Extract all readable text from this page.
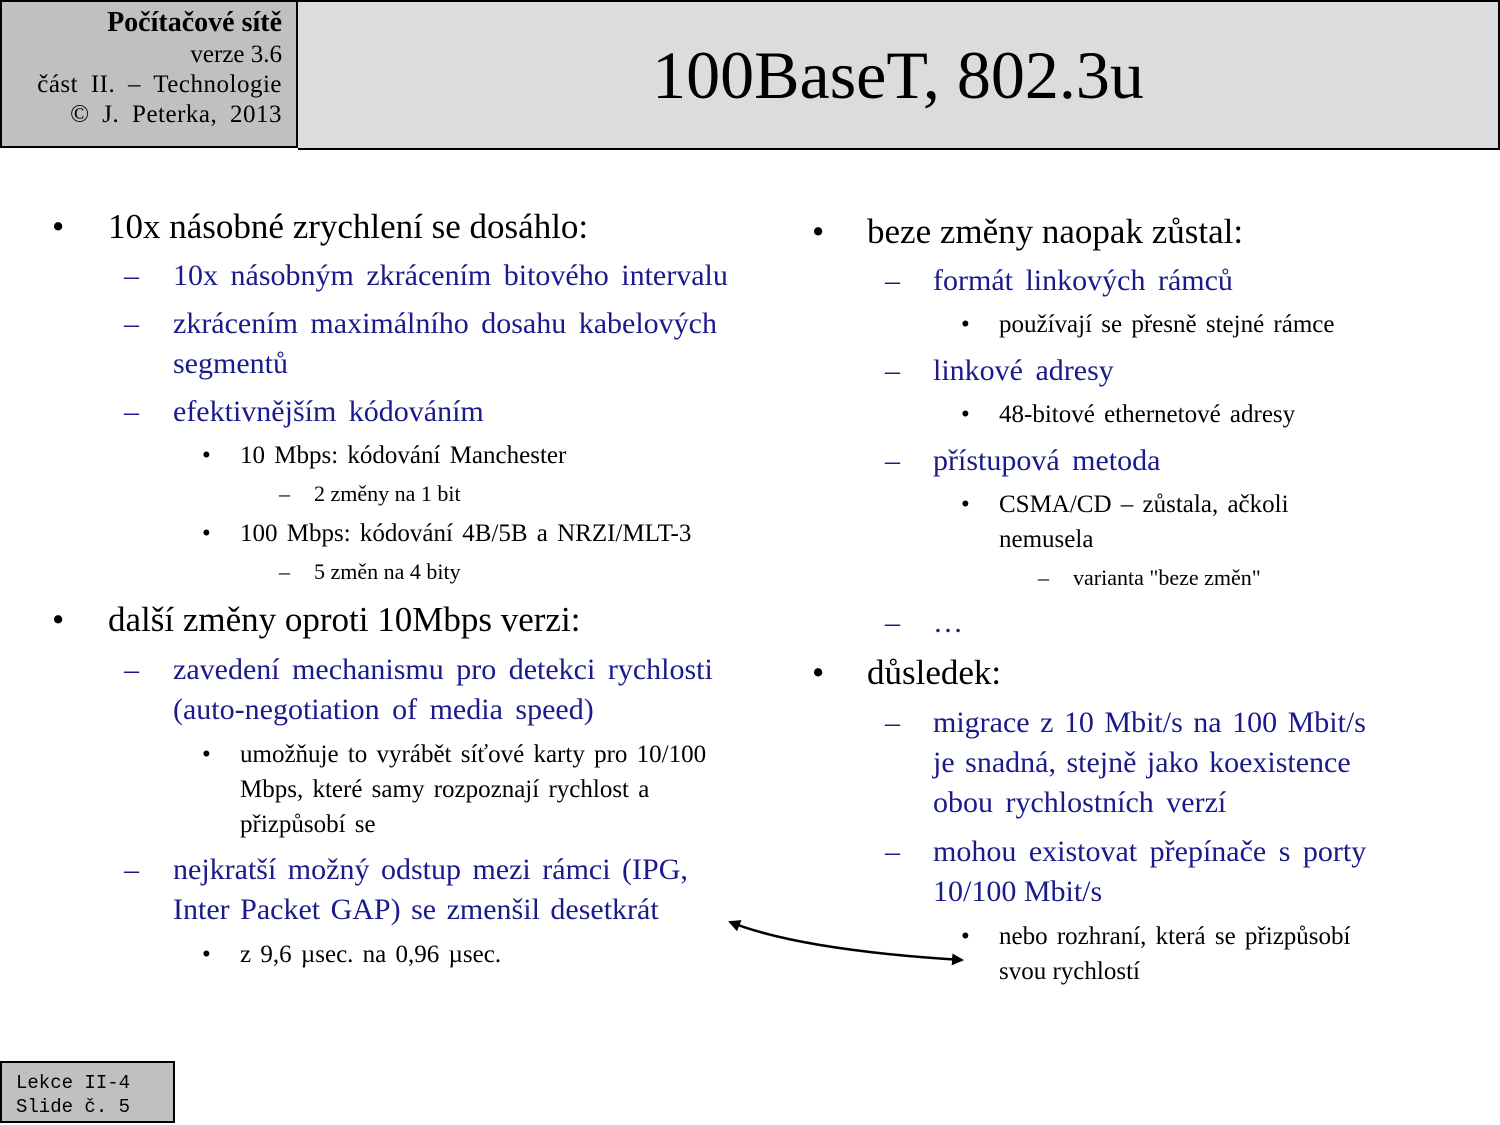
Počítačové sítě
verze 3.6
část II. – Technologie
© J. Peterka, 2013
100BaseT, 802.3u
• 10x násobné zrychlení se dosáhlo:
– 10x násobným zkrácením bitového intervalu
– zkrácením maximálního dosahu kabelových
segmentů
– efektivnějším kódováním
• 10 Mbps: kódování Manchester
– 2 změny na 1 bit
• 100 Mbps: kódování 4B/5B a NRZI/MLT-3
– 5 změn na 4 bity
• další změny oproti 10Mbps verzi:
– zavedení mechanismu pro detekci rychlosti
(auto-negotiation of media speed)
• umožňuje to vyrábět síťové karty pro 10/100
Mbps, které samy rozpoznají rychlost a
přizpůsobí se
– nejkratší možný odstup mezi rámci (IPG,
Inter Packet GAP) se zmenšil desetkrát
• z 9,6 µsec. na 0,96 µsec.
• beze změny naopak zůstal:
– formát linkových rámců
• používají se přesně stejné rámce
– linkové adresy
• 48-bitové ethernetové adresy
– přístupová metoda
• CSMA/CD – zůstala, ačkoli
nemusela
– varianta "beze změn"
– …
• důsledek:
– migrace z 10 Mbit/s na 100 Mbit/s
je snadná, stejně jako koexistence
obou rychlostních verzí
– mohou existovat přepínače s porty
10/100 Mbit/s
• nebo rozhraní, která se přizpůsobí
svou rychlostí
Lekce II-4
Slide č. 5
